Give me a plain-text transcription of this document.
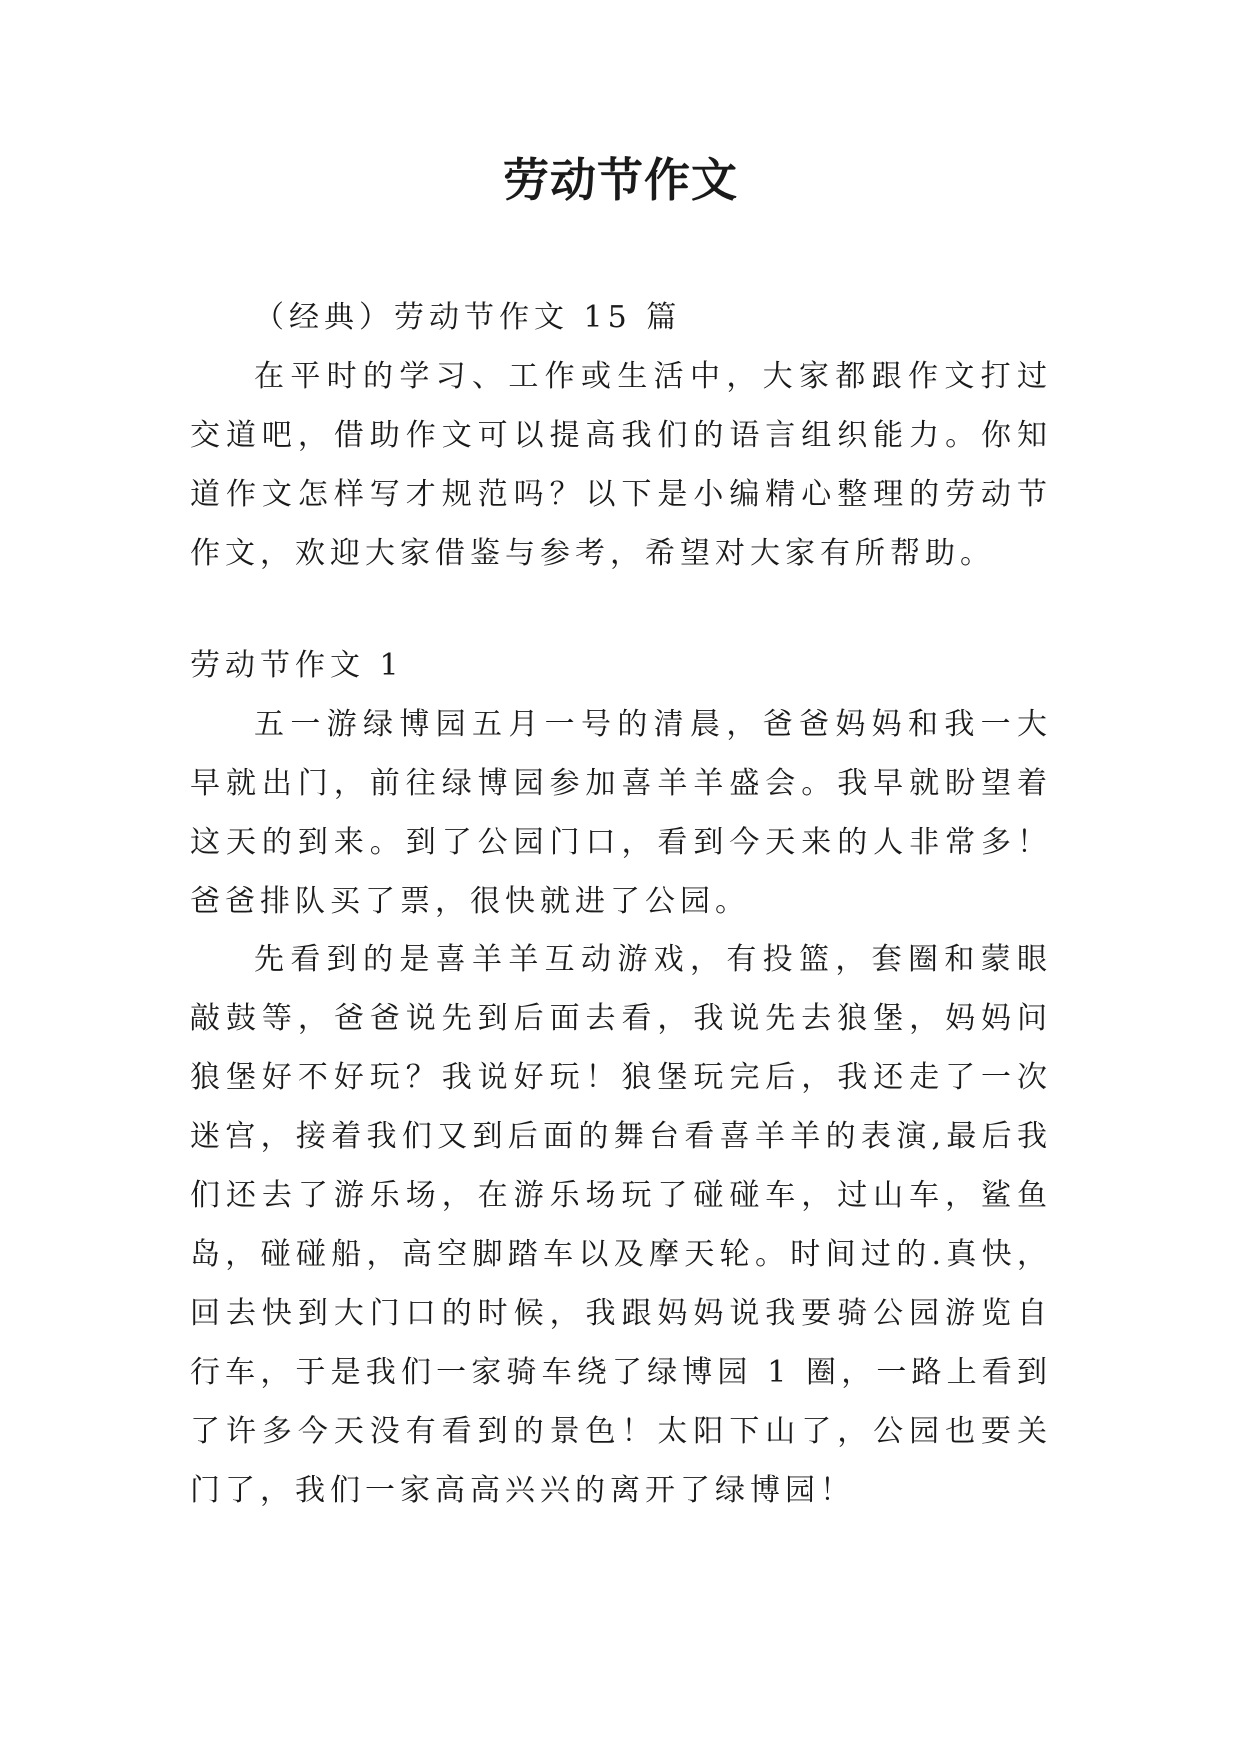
劳动节作文

（经典）劳动节作文 15 篇

在平时的学习、工作或生活中，大家都跟作文打过交道吧，借助作文可以提高我们的语言组织能力。你知道作文怎样写才规范吗？以下是小编精心整理的劳动节作文，欢迎大家借鉴与参考，希望对大家有所帮助。

劳动节作文 1

五一游绿博园五月一号的清晨，爸爸妈妈和我一大早就出门，前往绿博园参加喜羊羊盛会。我早就盼望着这天的到来。到了公园门口，看到今天来的人非常多！爸爸排队买了票，很快就进了公园。

先看到的是喜羊羊互动游戏，有投篮，套圈和蒙眼敲鼓等，爸爸说先到后面去看，我说先去狼堡，妈妈问狼堡好不好玩？我说好玩！狼堡玩完后，我还走了一次迷宫，接着我们又到后面的舞台看喜羊羊的表演,最后我们还去了游乐场，在游乐场玩了碰碰车，过山车，鲨鱼岛，碰碰船，高空脚踏车以及摩天轮。时间过的.真快，回去快到大门口的时候，我跟妈妈说我要骑公园游览自行车，于是我们一家骑车绕了绿博园 1 圈，一路上看到了许多今天没有看到的景色！太阳下山了，公园也要关门了，我们一家高高兴兴的离开了绿博园！
